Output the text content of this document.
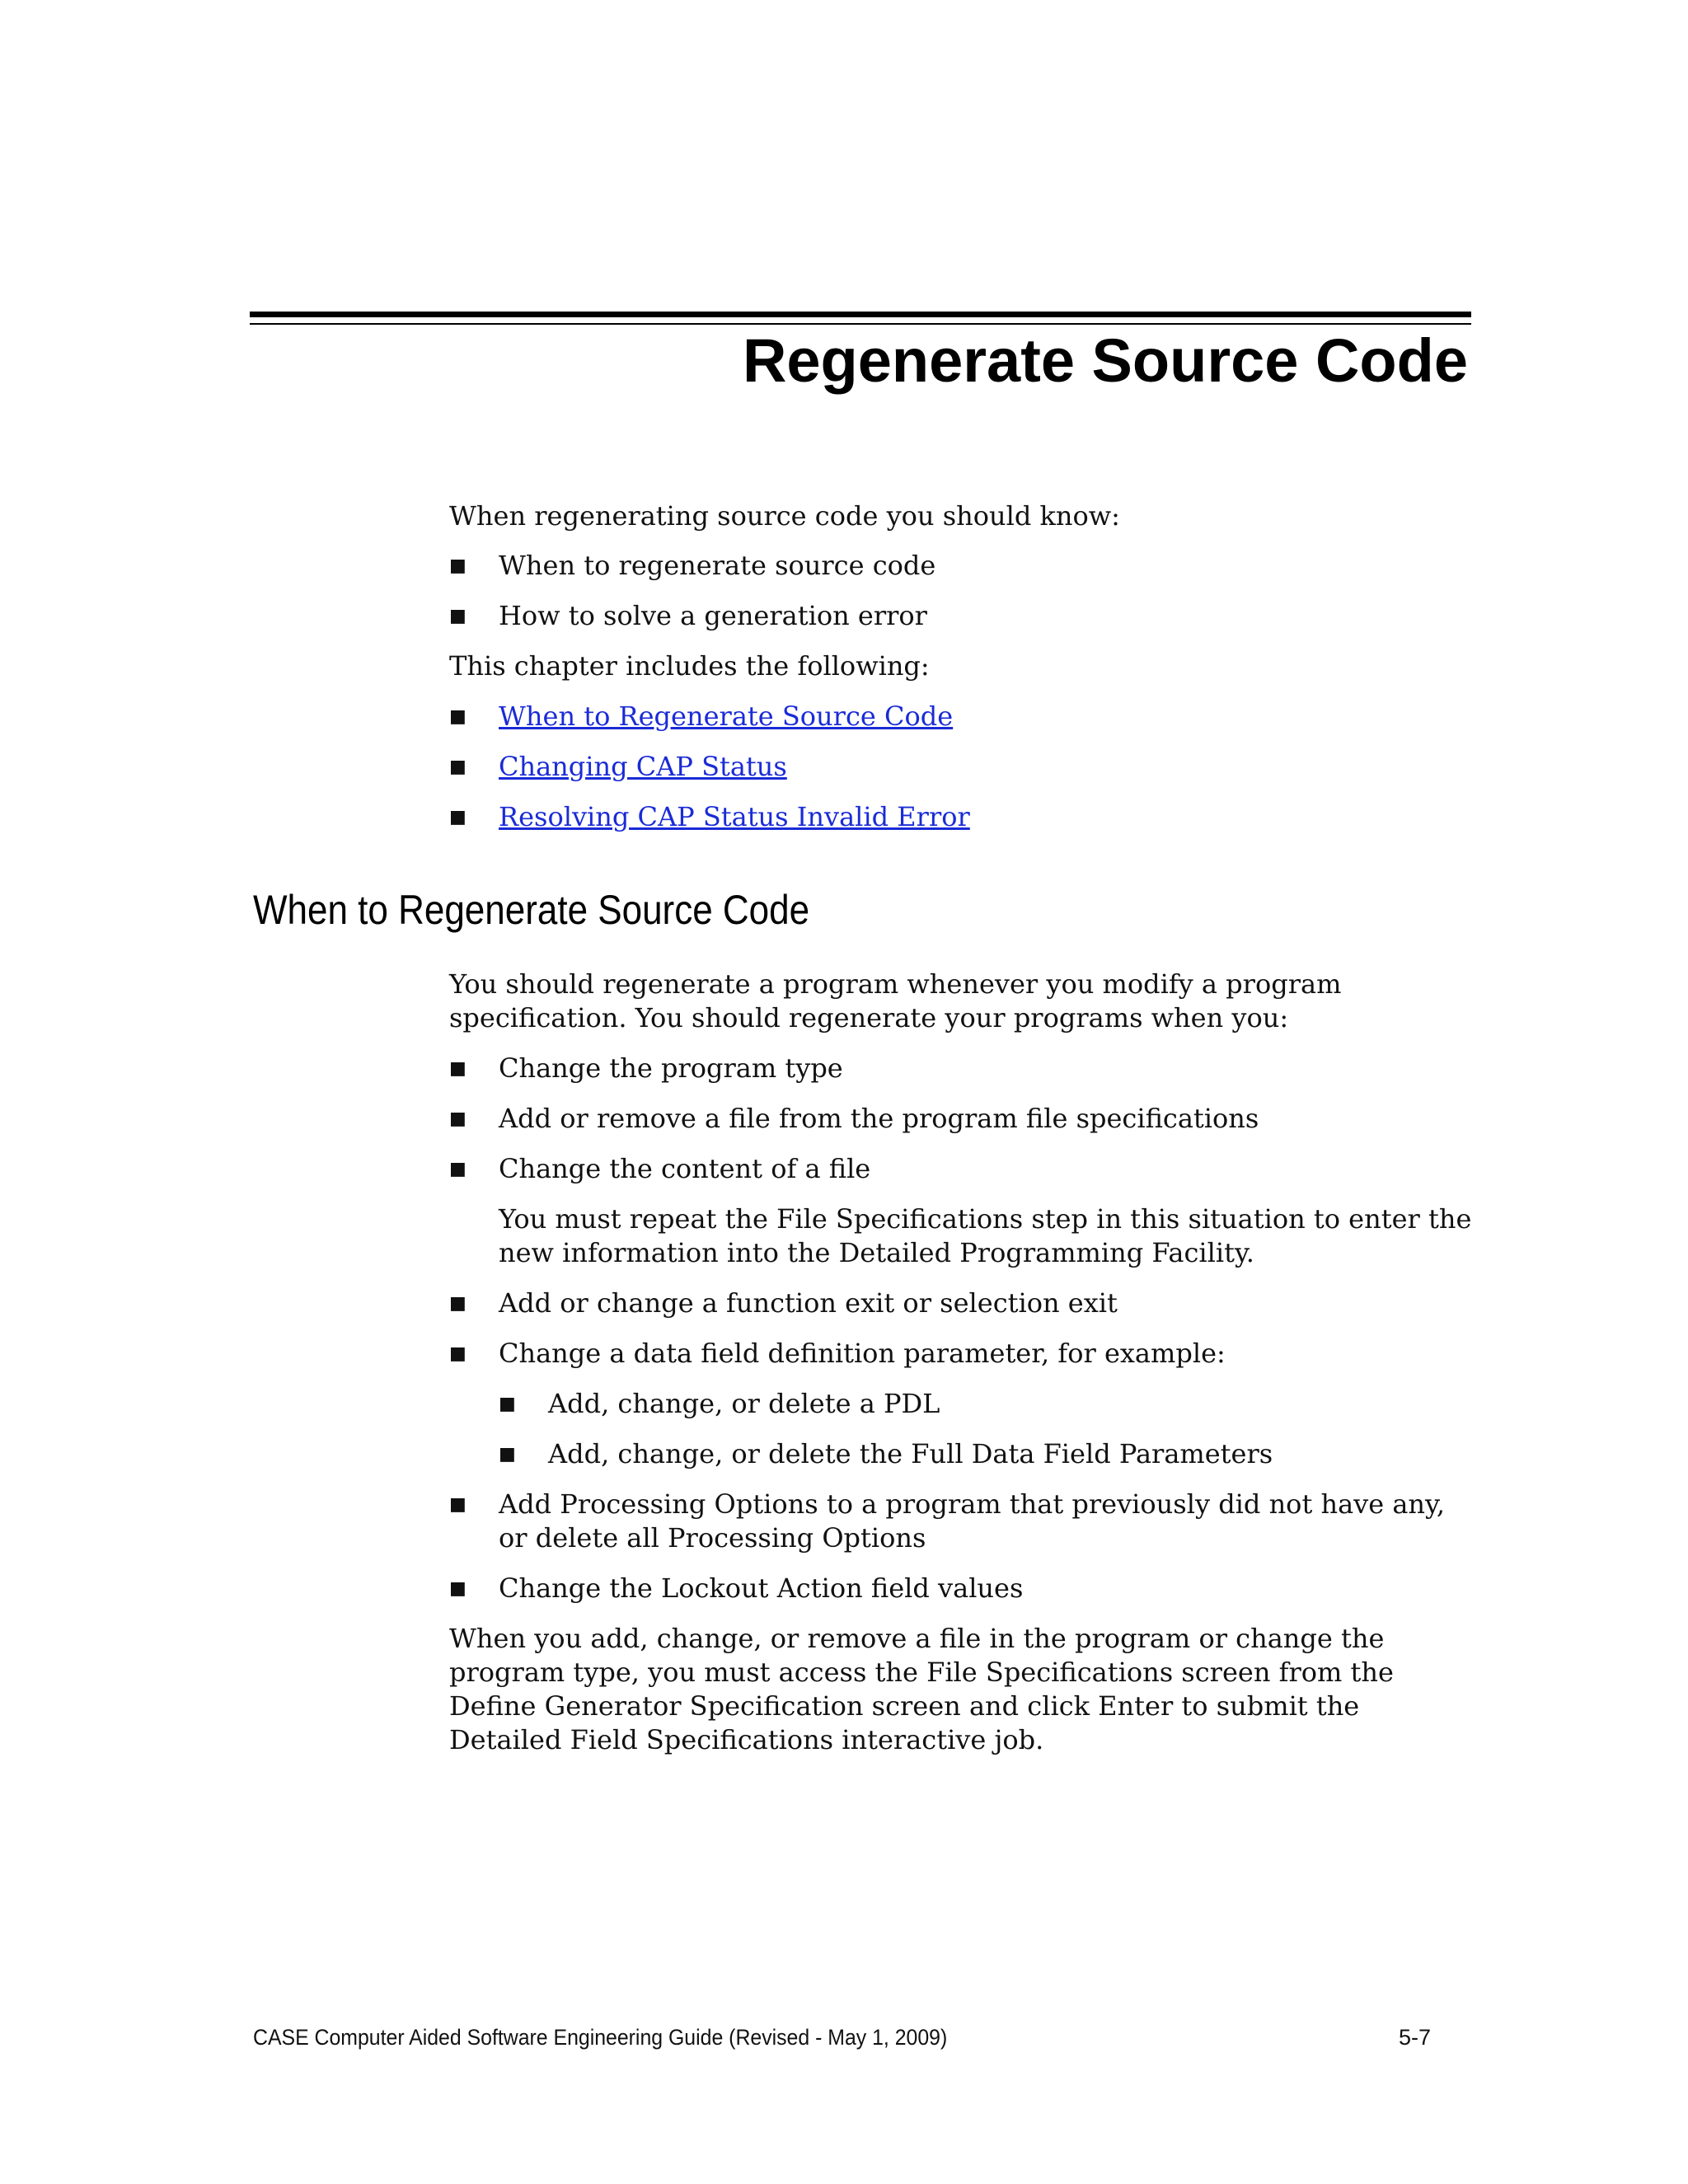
Regenerate Source Code

When regenerating source code you should know:

■ When to regenerate source code
■ How to solve a generation error

This chapter includes the following:

■ When to Regenerate Source Code
■ Changing CAP Status
■ Resolving CAP Status Invalid Error
When to Regenerate Source Code

You should regenerate a program whenever you modify a program specification. You should regenerate your programs when you:

■ Change the program type
■ Add or remove a file from the program file specifications
■ Change the content of a file
You must repeat the File Specifications step in this situation to enter the new information into the Detailed Programming Facility.
■ Add or change a function exit or selection exit
■ Change a data field definition parameter, for example:
■ Add, change, or delete a PDL
■ Add, change, or delete the Full Data Field Parameters
■ Add Processing Options to a program that previously did not have any, or delete all Processing Options
■ Change the Lockout Action field values

When you add, change, or remove a file in the program or change the program type, you must access the File Specifications screen from the Define Generator Specification screen and click Enter to submit the Detailed Field Specifications interactive job.

CASE Computer Aided Software Engineering Guide (Revised - May 1, 2009)	5-7
